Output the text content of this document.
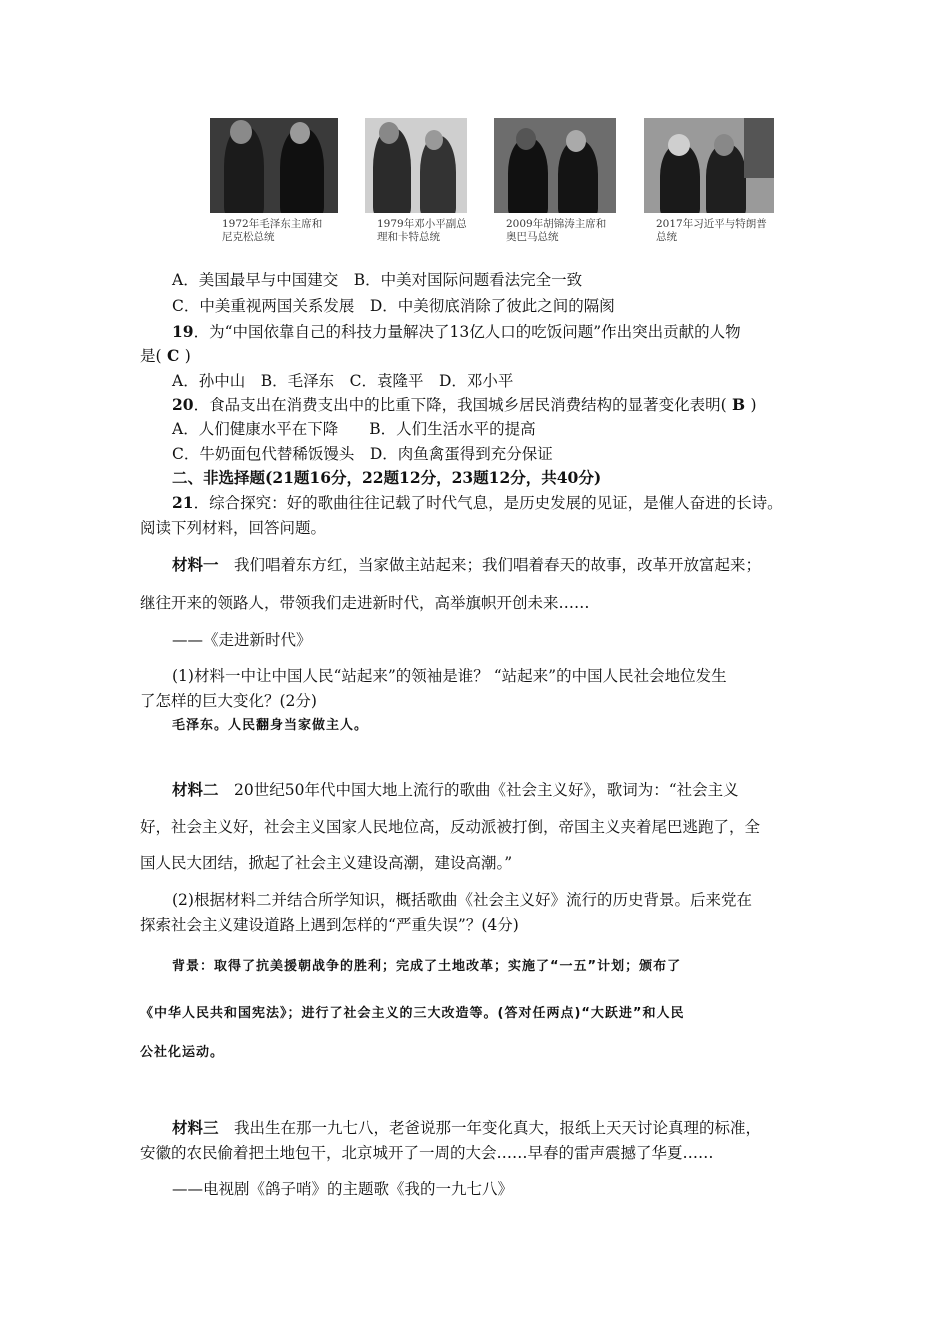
1972年毛泽东主席和
尼克松总统
1979年邓小平副总
理和卡特总统
2009年胡锦涛主席和
奥巴马总统
2017年习近平与特朗普
总统
A．美国最早与中国建交　B．中美对国际问题看法完全一致
C．中美重视两国关系发展　D．中美彻底消除了彼此之间的隔阂
19．为“中国依靠自己的科技力量解决了13亿人口的吃饭问题”作出突出贡献的人物
是( C )
A．孙中山　B．毛泽东　C．袁隆平　D．邓小平
20．食品支出在消费支出中的比重下降，我国城乡居民消费结构的显著变化表明( B )
A．人们健康水平在下降　　B．人们生活水平的提高
C．牛奶面包代替稀饭馒头　D．肉鱼禽蛋得到充分保证
二、非选择题(21题16分，22题12分，23题12分，共40分)
21．综合探究：好的歌曲往往记载了时代气息，是历史发展的见证，是催人奋进的长诗。
阅读下列材料，回答问题。
材料一　我们唱着东方红，当家做主站起来；我们唱着春天的故事，改革开放富起来；
继往开来的领路人，带领我们走进新时代，高举旗帜开创未来……
——《走进新时代》
(1)材料一中让中国人民“站起来”的领袖是谁？ “站起来”的中国人民社会地位发生
了怎样的巨大变化？(2分)
毛泽东。人民翻身当家做主人。
材料二　20世纪50年代中国大地上流行的歌曲《社会主义好》，歌词为：“社会主义
好，社会主义好，社会主义国家人民地位高，反动派被打倒，帝国主义夹着尾巴逃跑了，全
国人民大团结，掀起了社会主义建设高潮，建设高潮。”
(2)根据材料二并结合所学知识，概括歌曲《社会主义好》流行的历史背景。后来党在
探索社会主义建设道路上遇到怎样的“严重失误”？(4分)
背景：取得了抗美援朝战争的胜利；完成了土地改革；实施了“一五”计划；颁布了
《中华人民共和国宪法》；进行了社会主义的三大改造等。(答对任两点)“大跃进”和人民
公社化运动。
材料三　我出生在那一九七八，老爸说那一年变化真大，报纸上天天讨论真理的标准，
安徽的农民偷着把土地包干，北京城开了一周的大会……早春的雷声震撼了华夏……
——电视剧《鸽子哨》的主题歌《我的一九七八》
